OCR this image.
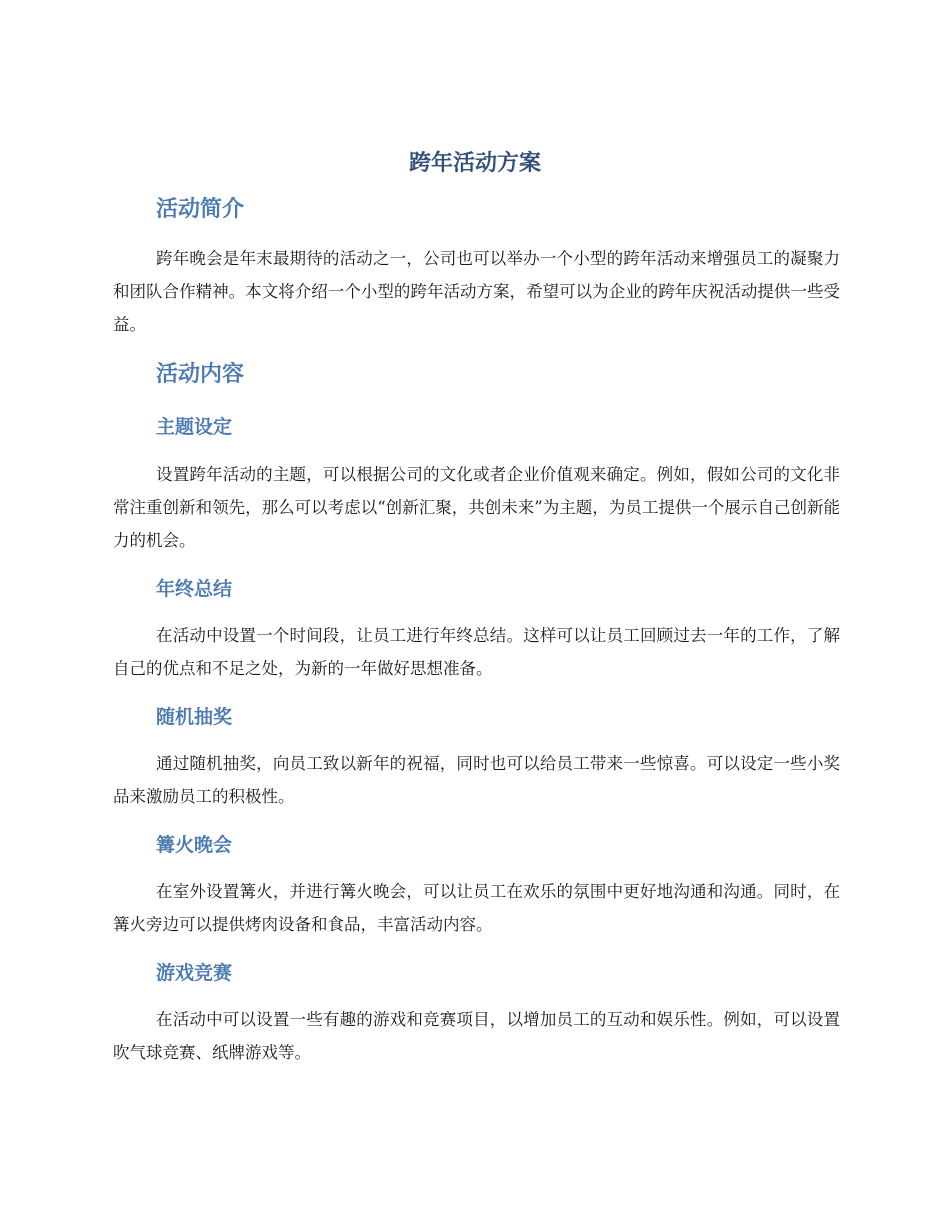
跨年活动方案
活动简介

跨年晚会是年末最期待的活动之一，公司也可以举办一个小型的跨年活动来增强员工的凝聚力和团队合作精神。本文将介绍一个小型的跨年活动方案，希望可以为企业的跨年庆祝活动提供一些受益。

活动内容
主题设定

设置跨年活动的主题，可以根据公司的文化或者企业价值观来确定。例如，假如公司的文化非常注重创新和领先，那么可以考虑以“创新汇聚，共创未来”为主题，为员工提供一个展示自己创新能力的机会。

年终总结

在活动中设置一个时间段，让员工进行年终总结。这样可以让员工回顾过去一年的工作，了解自己的优点和不足之处，为新的一年做好思想准备。

随机抽奖

通过随机抽奖，向员工致以新年的祝福，同时也可以给员工带来一些惊喜。可以设定一些小奖品来激励员工的积极性。

篝火晚会

在室外设置篝火，并进行篝火晚会，可以让员工在欢乐的氛围中更好地沟通和沟通。同时，在篝火旁边可以提供烤肉设备和食品，丰富活动内容。

游戏竞赛

在活动中可以设置一些有趣的游戏和竞赛项目，以增加员工的互动和娱乐性。例如，可以设置吹气球竞赛、纸牌游戏等。
